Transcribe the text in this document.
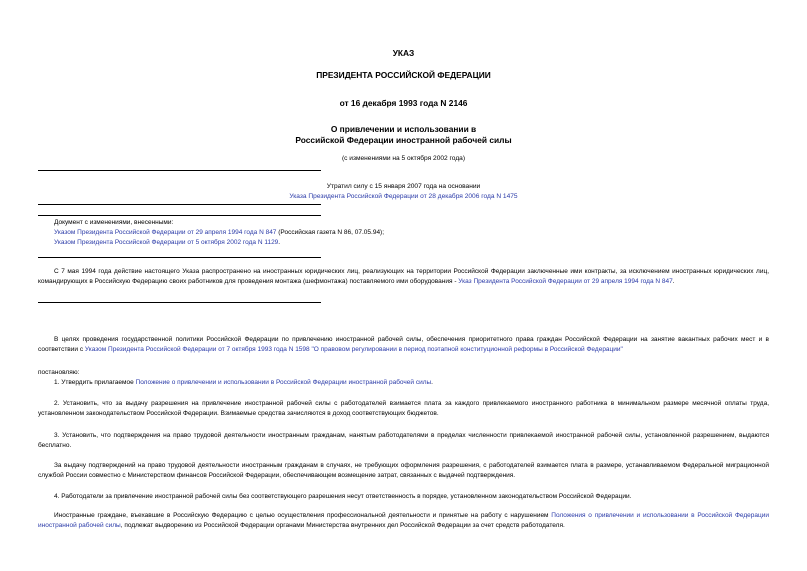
УКАЗ
ПРЕЗИДЕНТА РОССИЙСКОЙ ФЕДЕРАЦИИ
от 16 декабря 1993 года N 2146
О привлечении и использовании в
Российской Федерации иностранной рабочей силы
(с изменениями на 5 октября 2002 года)
Утратил силу с 15 января 2007 года на основании
Указа Президента Российской Федерации от 28 декабря 2006 года N 1475
Документ с изменениями, внесенными:
Указом Президента Российской Федерации от 29 апреля 1994 года N 847 (Российская газета N 86, 07.05.94);
Указом Президента Российской Федерации от 5 октября 2002 года N 1129.
С 7 мая 1994 года действие настоящего Указа распространено на иностранных юридических лиц, реализующих на территории Российской Федерации заключенные ими контракты, за исключением иностранных юридических лиц, командирующих в Российскую Федерацию своих работников для проведения монтажа (шефмонтажа) поставляемого ими оборудования - Указ Президента Российской Федерации от 29 апреля 1994 года N 847.
В целях проведения государственной политики Российской Федерации по привлечению иностранной рабочей силы, обеспечения приоритетного права граждан Российской Федерации на занятие вакантных рабочих мест и в соответствии с Указом Президента Российской Федерации от 7 октября 1993 года N 1598 "О правовом регулировании в период поэтапной конституционной реформы в Российской Федерации"
постановляю:
1. Утвердить прилагаемое Положение о привлечении и использовании в Российской Федерации иностранной рабочей силы.
2. Установить, что за выдачу разрешения на привлечение иностранной рабочей силы с работодателей взимается плата за каждого привлекаемого иностранного работника в минимальном размере месячной оплаты труда, установленном законодательством Российской Федерации. Взимаемые средства зачисляются в доход соответствующих бюджетов.
3. Установить, что подтверждения на право трудовой деятельности иностранным гражданам, нанятым работодателями в пределах численности привлекаемой иностранной рабочей силы, установленной разрешением, выдаются бесплатно.
За выдачу подтверждений на право трудовой деятельности иностранным гражданам в случаях, не требующих оформления разрешения, с работодателей взимается плата в размере, устанавливаемом Федеральной миграционной службой России совместно с Министерством финансов Российской Федерации, обеспечивающем возмещение затрат, связанных с выдачей подтверждения.
4. Работодатели за привлечение иностранной рабочей силы без соответствующего разрешения несут ответственность в порядке, установленном законодательством Российской Федерации.
Иностранные граждане, въехавшие в Российскую Федерацию с целью осуществления профессиональной деятельности и принятые на работу с нарушением Положения о привлечении и использовании в Российской Федерации иностранной рабочей силы, подлежат выдворению из Российской Федерации органами Министерства внутренних дел Российской Федерации за счет средств работодателя.
